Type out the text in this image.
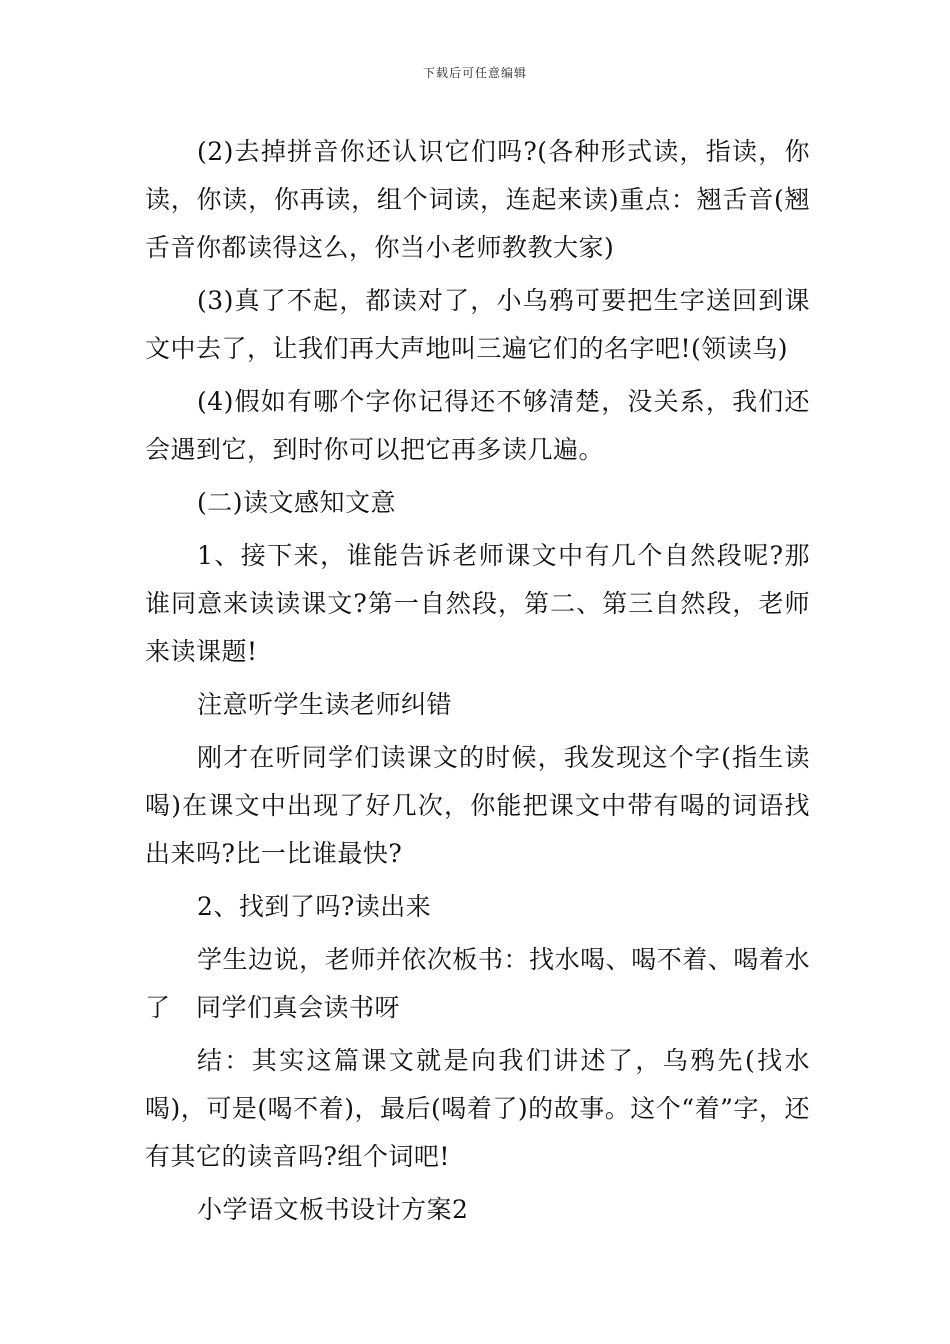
下载后可任意编辑

(2)去掉拼音你还认识它们吗?(各种形式读，指读，你读，你读，你再读，组个词读，连起来读)重点：翘舌音(翘舌音你都读得这么，你当小老师教教大家)

(3)真了不起，都读对了，小乌鸦可要把生字送回到课文中去了，让我们再大声地叫三遍它们的名字吧!(领读乌)

(4)假如有哪个字你记得还不够清楚，没关系，我们还会遇到它，到时你可以把它再多读几遍。

(二)读文感知文意

1、接下来，谁能告诉老师课文中有几个自然段呢?那谁同意来读读课文?第一自然段，第二、第三自然段，老师来读课题!

注意听学生读老师纠错

刚才在听同学们读课文的时候，我发现这个字(指生读喝)在课文中出现了好几次，你能把课文中带有喝的词语找出来吗?比一比谁最快?

2、找到了吗?读出来

学生边说，老师并依次板书：找水喝、喝不着、喝着水了　同学们真会读书呀

结：其实这篇课文就是向我们讲述了，乌鸦先(找水喝)，可是(喝不着)，最后(喝着了)的故事。这个“着”字，还有其它的读音吗?组个词吧!

小学语文板书设计方案2
